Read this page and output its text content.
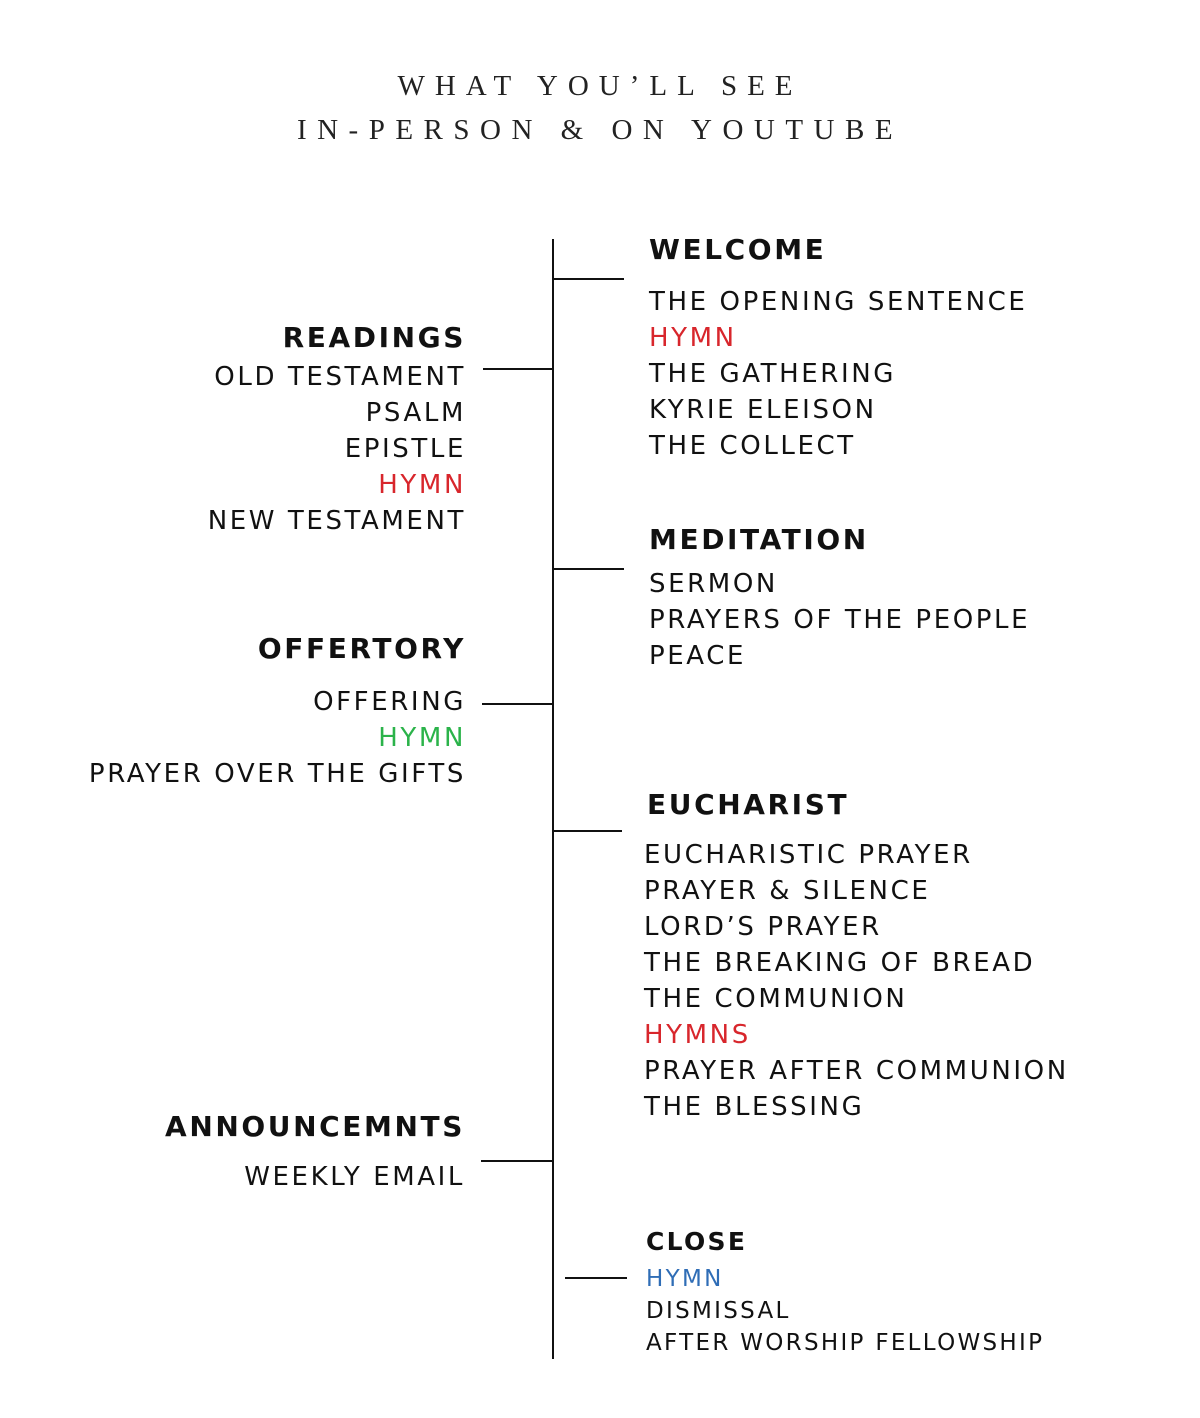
WHAT YOU’LL SEE
IN-PERSON & ON YOUTUBE
WELCOME
THE OPENING SENTENCE
HYMN
THE GATHERING
KYRIE ELEISON
THE COLLECT
READINGS
OLD TESTAMENT
PSALM
EPISTLE
HYMN
NEW TESTAMENT
MEDITATION
SERMON
PRAYERS OF THE PEOPLE
PEACE
OFFERTORY
OFFERING
HYMN
PRAYER OVER THE GIFTS
EUCHARIST
EUCHARISTIC PRAYER
PRAYER & SILENCE
LORD’S PRAYER
THE BREAKING OF BREAD
THE COMMUNION
HYMNS
PRAYER AFTER COMMUNION
THE BLESSING
ANNOUNCEMNTS
WEEKLY EMAIL
CLOSE
HYMN
DISMISSAL
AFTER WORSHIP FELLOWSHIP
